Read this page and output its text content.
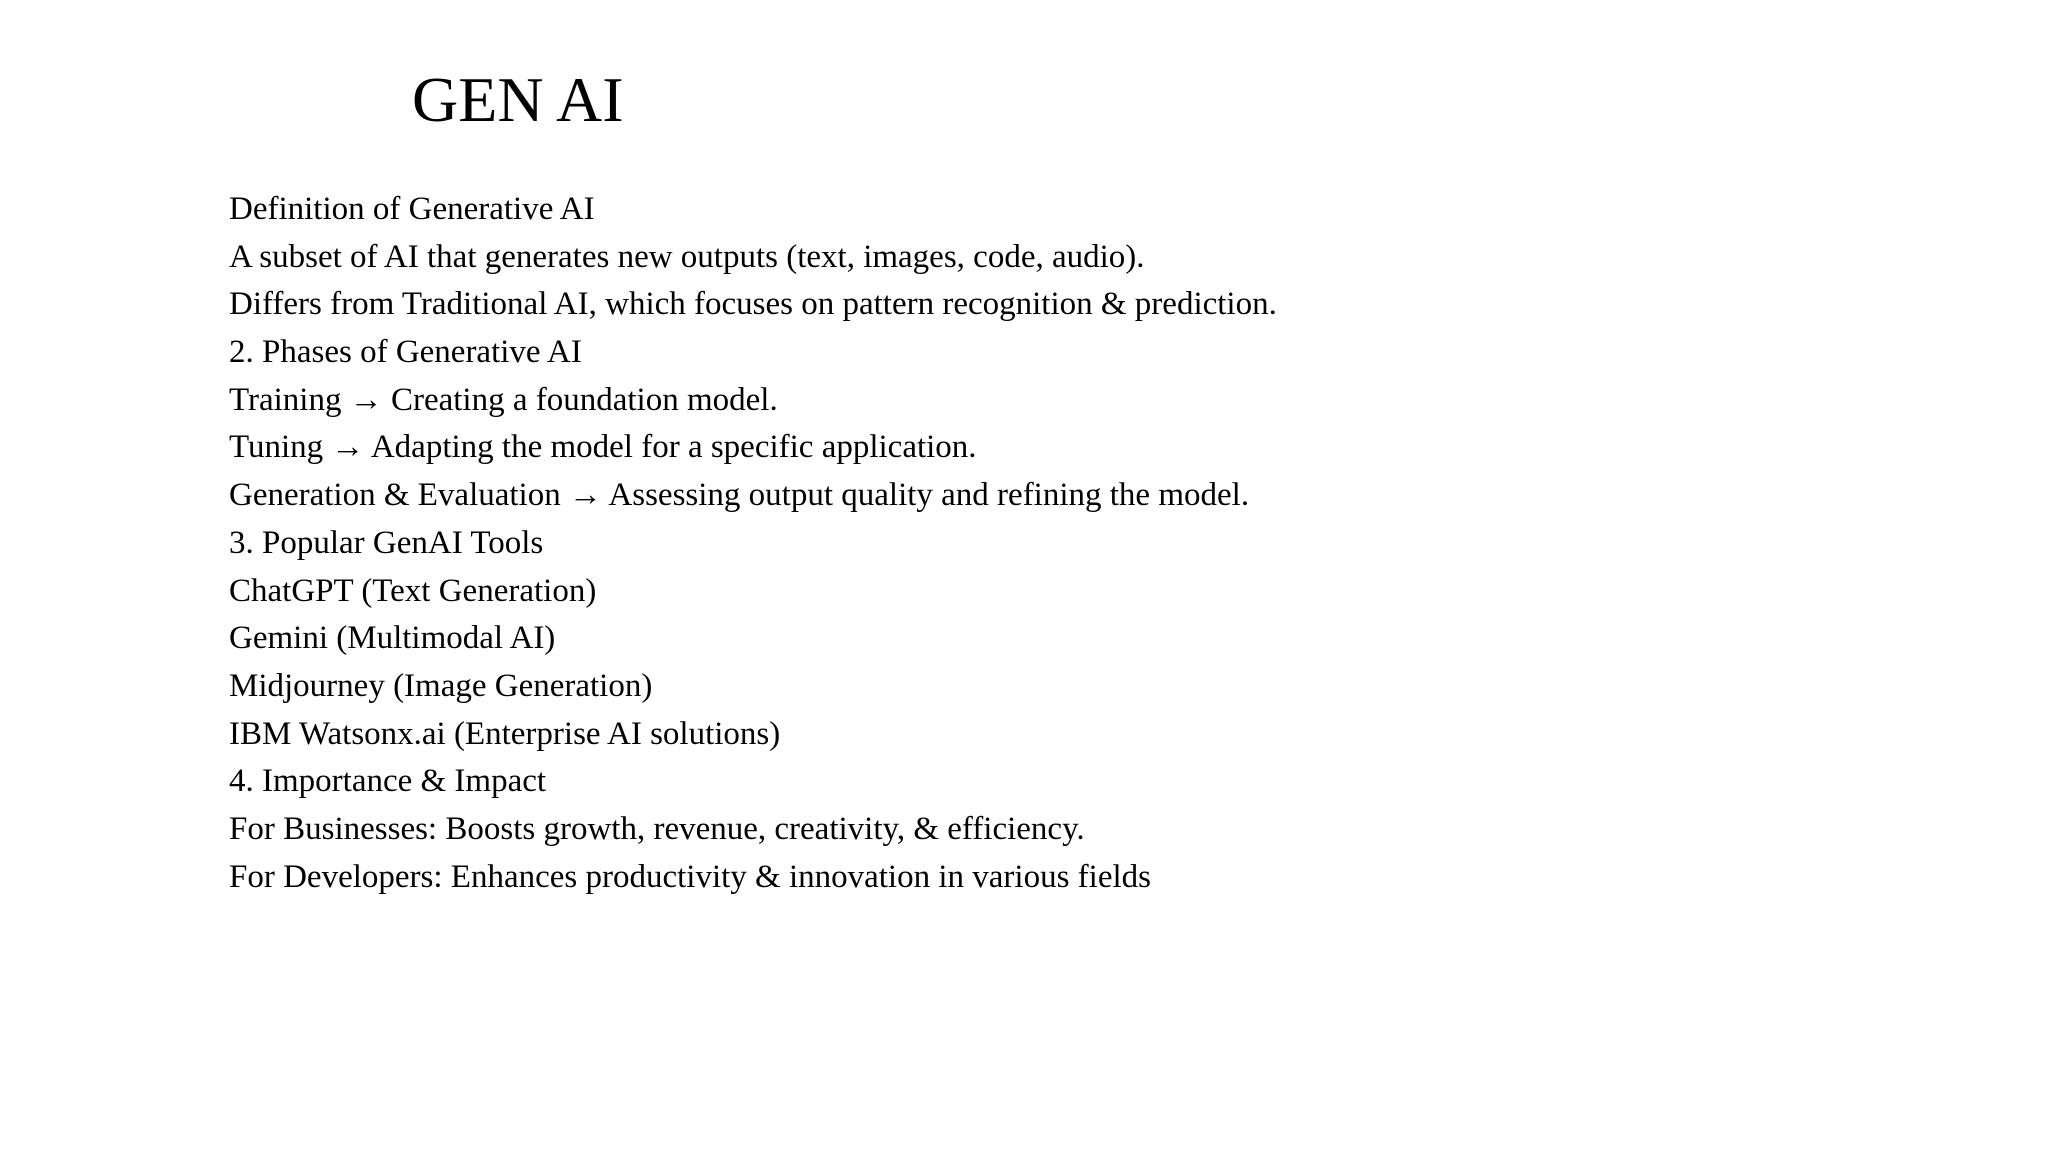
GEN AI
Definition of Generative AI
A subset of AI that generates new outputs (text, images, code, audio).
Differs from Traditional AI, which focuses on pattern recognition & prediction.
2. Phases of Generative AI
Training → Creating a foundation model.
Tuning → Adapting the model for a specific application.
Generation & Evaluation → Assessing output quality and refining the model.
3. Popular GenAI Tools
ChatGPT (Text Generation)
Gemini (Multimodal AI)
Midjourney (Image Generation)
IBM Watsonx.ai (Enterprise AI solutions)
4. Importance & Impact
For Businesses: Boosts growth, revenue, creativity, & efficiency.
For Developers: Enhances productivity & innovation in various fields
